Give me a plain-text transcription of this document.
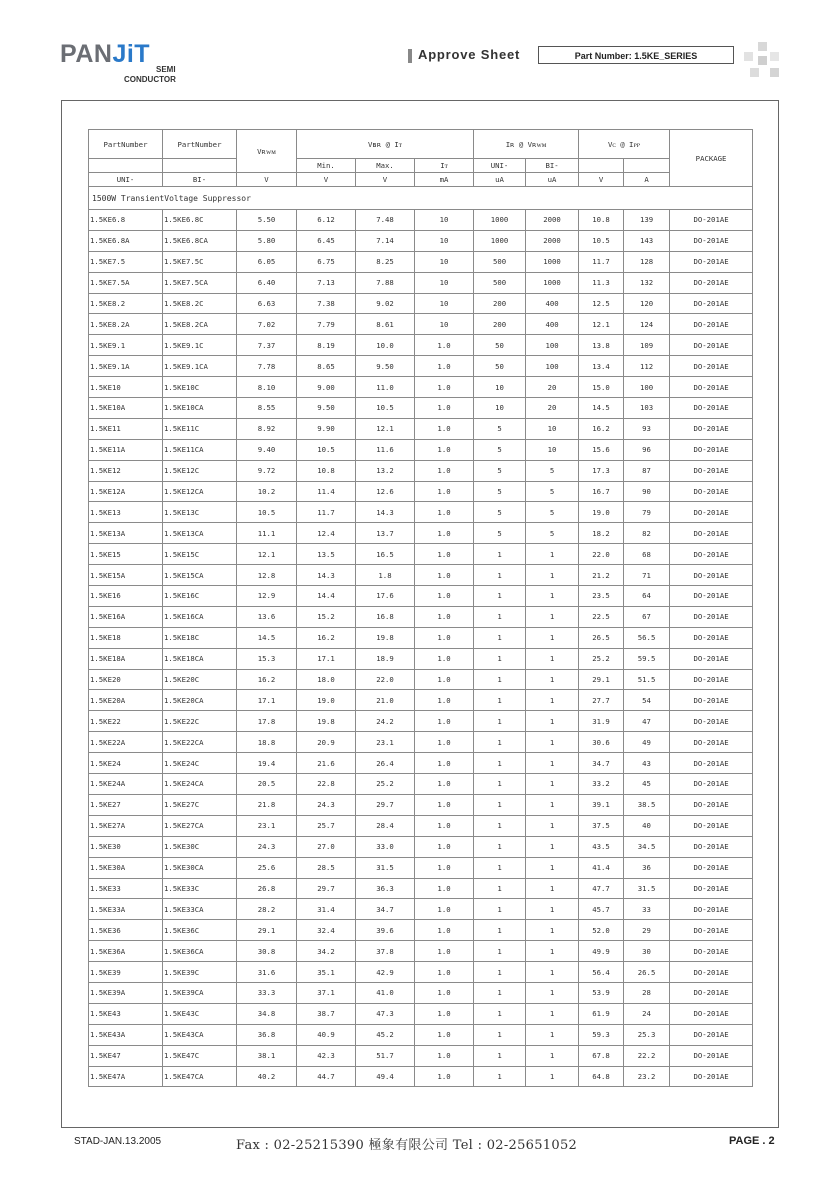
PANJiT
SEMI
CONDUCTOR
Approve Sheet	Part Number: 1.5KE_SERIES
PartNumber	PartNumber	Vʀᴡᴍ	Vʙʀ @ Iᴛ			Iʀ @ Vʀᴡᴍ		Vᴄ @ Iᴘᴘ		PACKAGE
			Min.	Max.	Iᴛ	UNI-	BI-			
UNI-	BI-	V	V	V	mA	uA	uA	V	A	
1500W TransientVoltage Suppressor										
1.5KE6.8	1.5KE6.8C	5.50	6.12	7.48	10	1000	2000	10.8	139	DO-201AE
1.5KE6.8A	1.5KE6.8CA	5.80	6.45	7.14	10	1000	2000	10.5	143	DO-201AE
1.5KE7.5	1.5KE7.5C	6.05	6.75	8.25	10	500	1000	11.7	128	DO-201AE
1.5KE7.5A	1.5KE7.5CA	6.40	7.13	7.88	10	500	1000	11.3	132	DO-201AE
1.5KE8.2	1.5KE8.2C	6.63	7.38	9.02	10	200	400	12.5	120	DO-201AE
1.5KE8.2A	1.5KE8.2CA	7.02	7.79	8.61	10	200	400	12.1	124	DO-201AE
1.5KE9.1	1.5KE9.1C	7.37	8.19	10.0	1.0	50	100	13.8	109	DO-201AE
1.5KE9.1A	1.5KE9.1CA	7.78	8.65	9.50	1.0	50	100	13.4	112	DO-201AE
1.5KE10	1.5KE10C	8.10	9.00	11.0	1.0	10	20	15.0	100	DO-201AE
1.5KE10A	1.5KE10CA	8.55	9.50	10.5	1.0	10	20	14.5	103	DO-201AE
1.5KE11	1.5KE11C	8.92	9.90	12.1	1.0	5	10	16.2	93	DO-201AE
1.5KE11A	1.5KE11CA	9.40	10.5	11.6	1.0	5	10	15.6	96	DO-201AE
1.5KE12	1.5KE12C	9.72	10.8	13.2	1.0	5	5	17.3	87	DO-201AE
1.5KE12A	1.5KE12CA	10.2	11.4	12.6	1.0	5	5	16.7	90	DO-201AE
1.5KE13	1.5KE13C	10.5	11.7	14.3	1.0	5	5	19.0	79	DO-201AE
1.5KE13A	1.5KE13CA	11.1	12.4	13.7	1.0	5	5	18.2	82	DO-201AE
1.5KE15	1.5KE15C	12.1	13.5	16.5	1.0	1	1	22.0	68	DO-201AE
1.5KE15A	1.5KE15CA	12.8	14.3	1.8	1.0	1	1	21.2	71	DO-201AE
1.5KE16	1.5KE16C	12.9	14.4	17.6	1.0	1	1	23.5	64	DO-201AE
1.5KE16A	1.5KE16CA	13.6	15.2	16.8	1.0	1	1	22.5	67	DO-201AE
1.5KE18	1.5KE18C	14.5	16.2	19.8	1.0	1	1	26.5	56.5	DO-201AE
1.5KE18A	1.5KE18CA	15.3	17.1	18.9	1.0	1	1	25.2	59.5	DO-201AE
1.5KE20	1.5KE20C	16.2	18.0	22.0	1.0	1	1	29.1	51.5	DO-201AE
1.5KE20A	1.5KE20CA	17.1	19.0	21.0	1.0	1	1	27.7	54	DO-201AE
1.5KE22	1.5KE22C	17.8	19.8	24.2	1.0	1	1	31.9	47	DO-201AE
1.5KE22A	1.5KE22CA	18.8	20.9	23.1	1.0	1	1	30.6	49	DO-201AE
1.5KE24	1.5KE24C	19.4	21.6	26.4	1.0	1	1	34.7	43	DO-201AE
1.5KE24A	1.5KE24CA	20.5	22.8	25.2	1.0	1	1	33.2	45	DO-201AE
1.5KE27	1.5KE27C	21.8	24.3	29.7	1.0	1	1	39.1	38.5	DO-201AE
1.5KE27A	1.5KE27CA	23.1	25.7	28.4	1.0	1	1	37.5	40	DO-201AE
1.5KE30	1.5KE30C	24.3	27.0	33.0	1.0	1	1	43.5	34.5	DO-201AE
1.5KE30A	1.5KE30CA	25.6	28.5	31.5	1.0	1	1	41.4	36	DO-201AE
1.5KE33	1.5KE33C	26.8	29.7	36.3	1.0	1	1	47.7	31.5	DO-201AE
1.5KE33A	1.5KE33CA	28.2	31.4	34.7	1.0	1	1	45.7	33	DO-201AE
1.5KE36	1.5KE36C	29.1	32.4	39.6	1.0	1	1	52.0	29	DO-201AE
1.5KE36A	1.5KE36CA	30.8	34.2	37.8	1.0	1	1	49.9	30	DO-201AE
1.5KE39	1.5KE39C	31.6	35.1	42.9	1.0	1	1	56.4	26.5	DO-201AE
1.5KE39A	1.5KE39CA	33.3	37.1	41.0	1.0	1	1	53.9	28	DO-201AE
1.5KE43	1.5KE43C	34.8	38.7	47.3	1.0	1	1	61.9	24	DO-201AE
1.5KE43A	1.5KE43CA	36.8	40.9	45.2	1.0	1	1	59.3	25.3	DO-201AE
1.5KE47	1.5KE47C	38.1	42.3	51.7	1.0	1	1	67.8	22.2	DO-201AE
1.5KE47A	1.5KE47CA	40.2	44.7	49.4	1.0	1	1	64.8	23.2	DO-201AE
STAD-JAN.13.2005	Fax : 02-25215390 極象有限公司 Tel : 02-25651052	PAGE . 2
